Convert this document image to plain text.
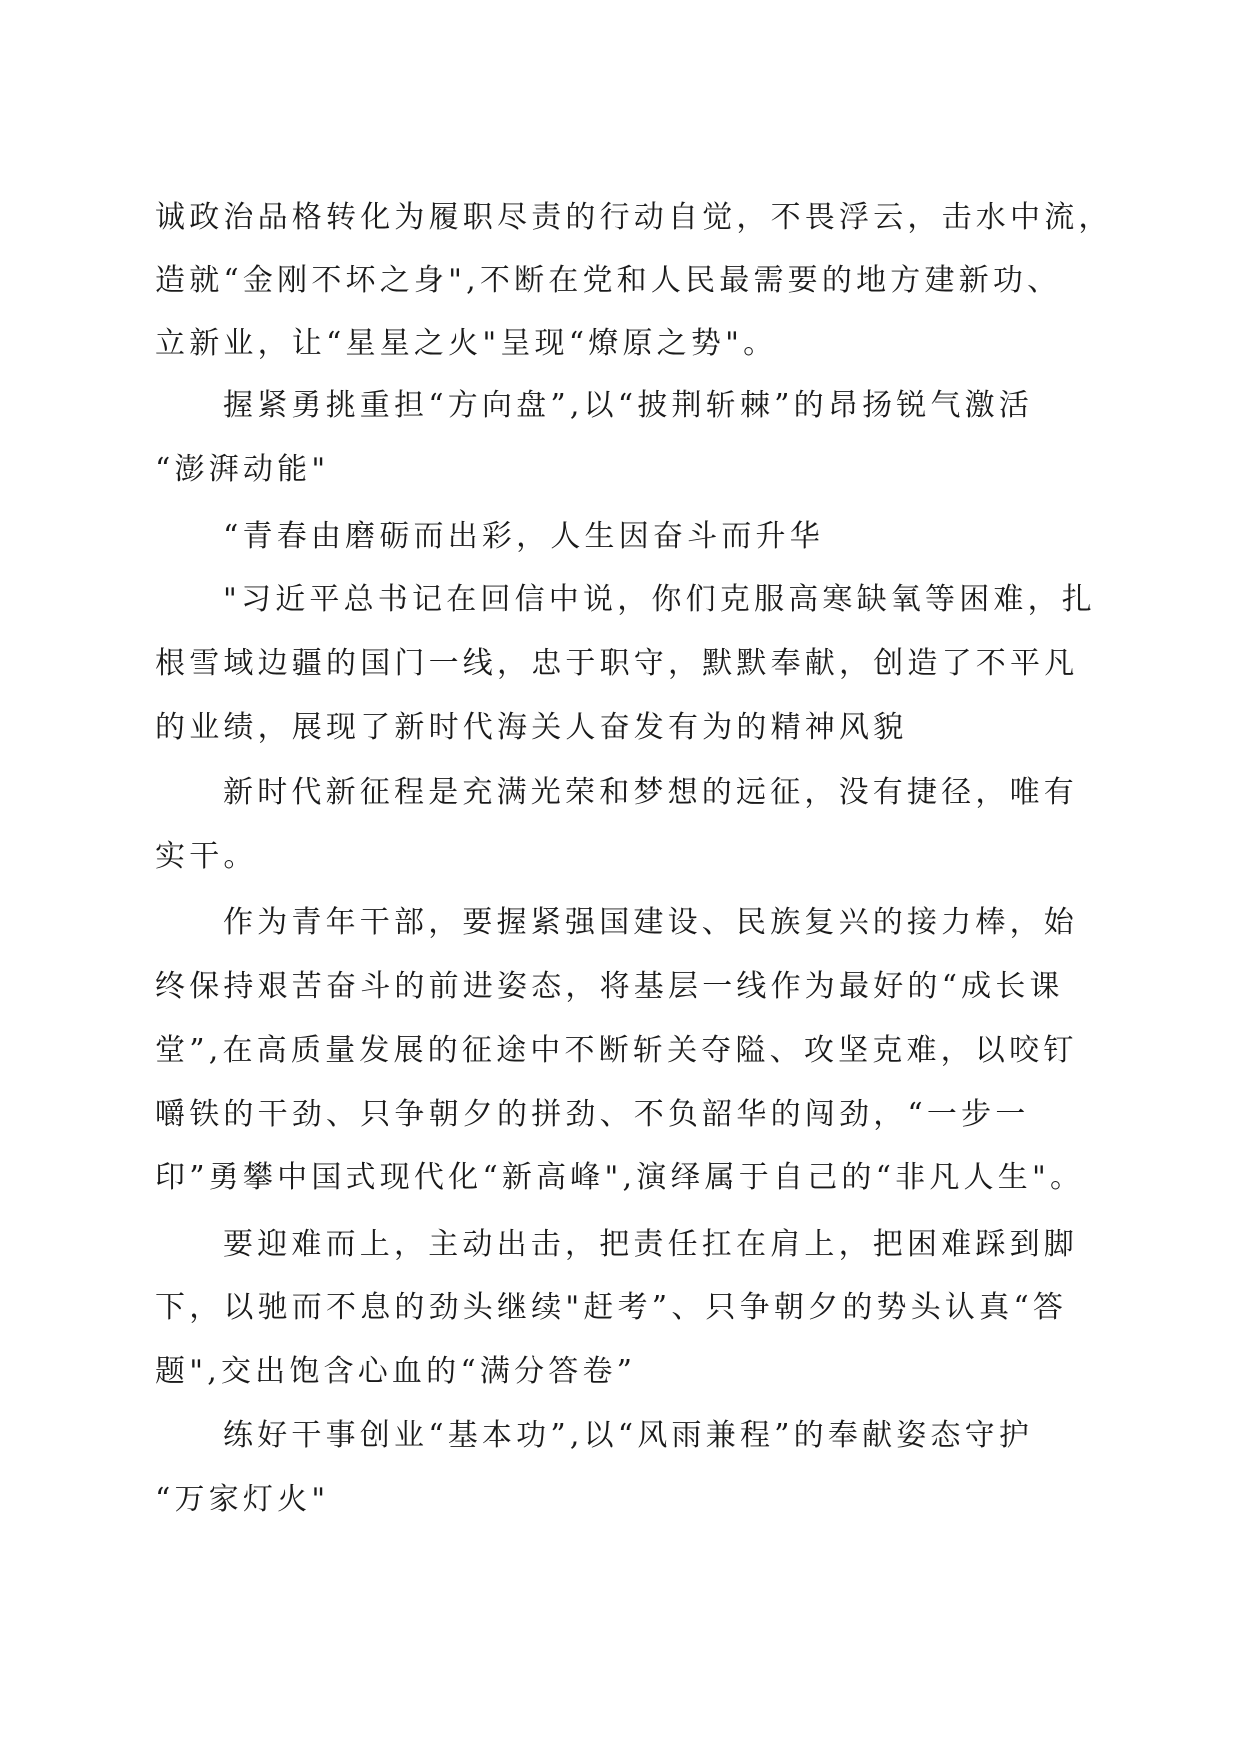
诚政治品格转化为履职尽责的行动自觉，不畏浮云，击水中流，
造就“金刚不坏之身",不断在党和人民最需要的地方建新功、
立新业，让“星星之火"呈现“燎原之势"。
握紧勇挑重担“方向盘”,以“披荆斩棘”的昂扬锐气激活
“澎湃动能"
“青春由磨砺而出彩，人生因奋斗而升华
"习近平总书记在回信中说，你们克服高寒缺氧等困难，扎
根雪域边疆的国门一线，忠于职守，默默奉献，创造了不平凡
的业绩，展现了新时代海关人奋发有为的精神风貌
新时代新征程是充满光荣和梦想的远征，没有捷径，唯有
实干。
作为青年干部，要握紧强国建设、民族复兴的接力棒，始
终保持艰苦奋斗的前进姿态，将基层一线作为最好的“成长课
堂”,在高质量发展的征途中不断斩关夺隘、攻坚克难，以咬钉
嚼铁的干劲、只争朝夕的拼劲、不负韶华的闯劲，“一步一
印”勇攀中国式现代化“新高峰",演绎属于自己的“非凡人生"。
要迎难而上，主动出击，把责任扛在肩上，把困难踩到脚
下，以驰而不息的劲头继续"赶考”、只争朝夕的势头认真“答
题",交出饱含心血的“满分答卷”
练好干事创业“基本功”,以“风雨兼程”的奉献姿态守护
“万家灯火"
